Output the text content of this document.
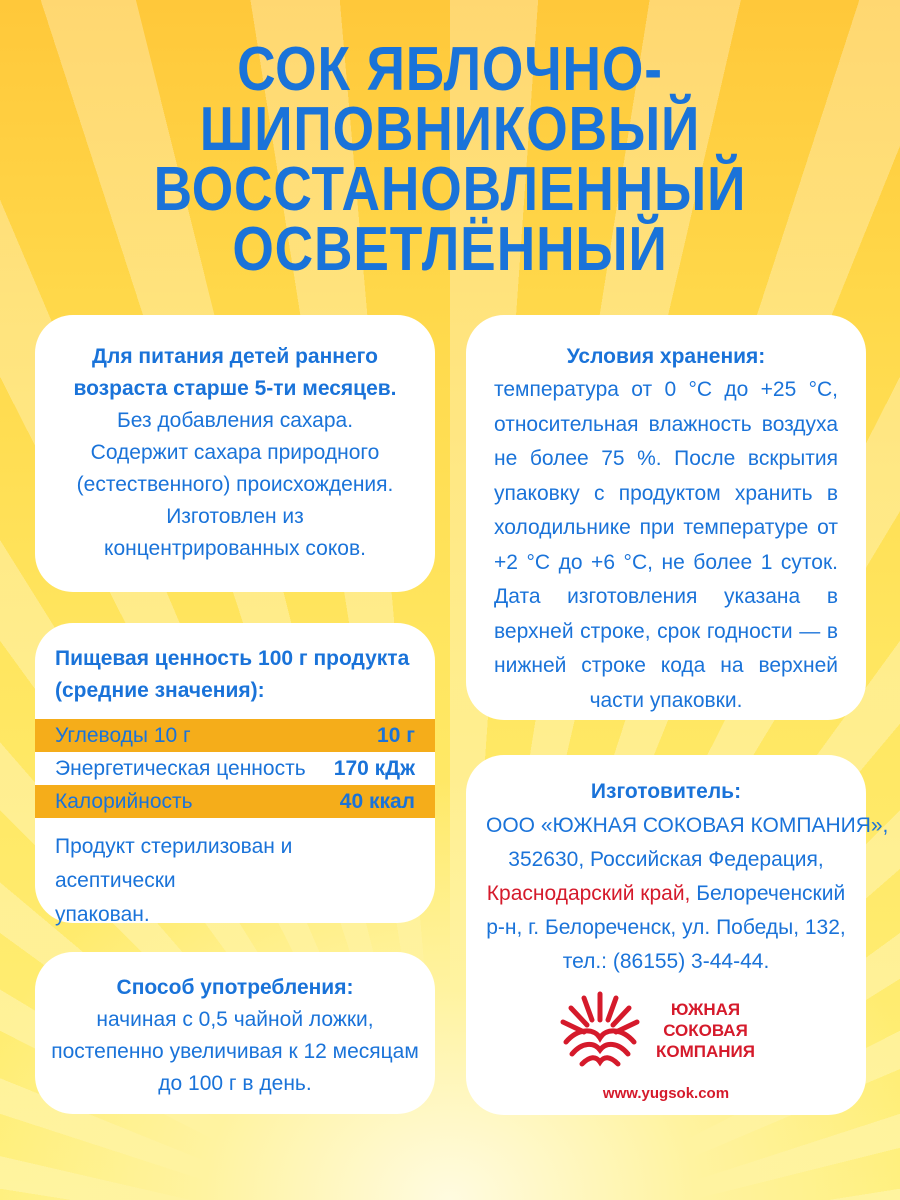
СОК ЯБЛОЧНО-
ШИПОВНИКОВЫЙ
ВОССТАНОВЛЕННЫЙ
ОСВЕТЛЁННЫЙ
Для питания детей раннего
возраста старше 5-ти месяцев.
Без добавления сахара.
Содержит сахара природного
(естественного) происхождения.
Изготовлен из
концентрированных соков.
Условия хранения:
температура от 0 °С до +25 °С, относительная влажность воздуха не более 75 %. После вскрытия упаковку с продуктом хранить в холодильнике при температуре от +2 °С до +6 °С, не более 1 суток. Дата изготовления указана в верхней строке, срок годности — в нижней строке кода на верхней части упаковки.
Пищевая ценность 100 г продукта
(средние значения):
Углеводы 10 г	10 г
Энергетическая ценность 170 кДж
Калорийность	40 ккал
Продукт стерилизован и асептически
упакован.
Способ употребления:
начиная с 0,5 чайной ложки,
постепенно увеличивая к 12 месяцам
до 100 г в день.
Изготовитель:
ООО «ЮЖНАЯ СОКОВАЯ КОМПАНИЯ»,
352630, Российская Федерация,
Краснодарский край, Белореченский
р-н, г. Белореченск, ул. Победы, 132,
тел.: (86155) 3-44-44.
ЮЖНАЯ
СОКОВАЯ
КОМПАНИЯ
www.yugsok.com
